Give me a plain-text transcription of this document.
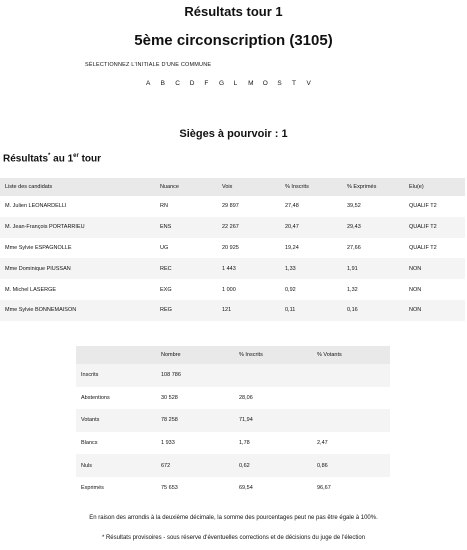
Résultats tour 1
5ème circonscription (3105)
SÉLECTIONNEZ L'INITIALE D'UNE COMMUNE
A	B	C	D	F	G	L	M	O	S	T	V
Sièges à pourvoir : 1
Résultats* au 1er tour
Liste des candidats	Nuance	Voix	% Inscrits	% Exprimés	Elu(e)
M. Julien LEONARDELLI	RN	29 897	27,48	39,52	QUALIF T2
M. Jean-François PORTARRIEU	ENS	22 267	20,47	29,43	QUALIF T2
Mme Sylvie ESPAGNOLLE	UG	20 925	19,24	27,66	QUALIF T2
Mme Dominique PIUSSAN	REC	1 443	1,33	1,91	NON
M. Michel LASERGE	EXG	1 000	0,92	1,32	NON
Mme Sylvie BONNEMAISON	REG	121	0,11	0,16	NON
	Nombre	% Inscrits	% Votants
Inscrits	108 786		
Abstentions	30 528	28,06	
Votants	78 258	71,94	
Blancs	1 933	1,78	2,47
Nuls	672	0,62	0,86
Exprimés	75 653	69,54	96,67
En raison des arrondis à la deuxième décimale, la somme des pourcentages peut ne pas être égale à 100%.
* Résultats provisoires - sous réserve d'éventuelles corrections et de décisions du juge de l'élection
